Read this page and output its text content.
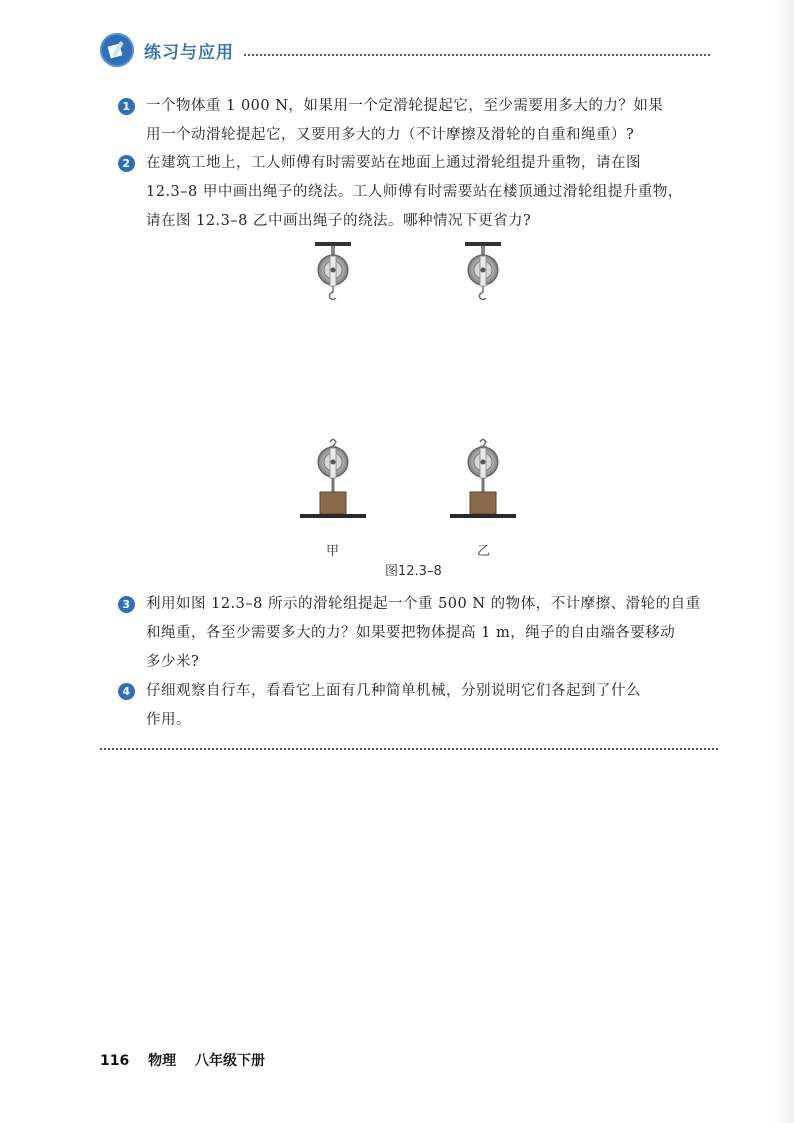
练习与应用
1	一个物体重 1 000 N，如果用一个定滑轮提起它，至少需要用多大的力？如果
用一个动滑轮提起它，又要用多大的力（不计摩擦及滑轮的自重和绳重）?
2	在建筑工地上，工人师傅有时需要站在地面上通过滑轮组提升重物，请在图
12.3–8 甲中画出绳子的绕法。工人师傅有时需要站在楼顶通过滑轮组提升重物，
请在图 12.3–8 乙中画出绳子的绕法。哪种情况下更省力?
甲	乙
图12.3–8
3	利用如图 12.3–8 所示的滑轮组提起一个重 500 N 的物体，不计摩擦、滑轮的自重
和绳重，各至少需要多大的力？如果要把物体提高 1 m，绳子的自由端各要移动
多少米?
4	仔细观察自行车，看看它上面有几种简单机械，分别说明它们各起到了什么
作用。
116 物理 八年级下册
